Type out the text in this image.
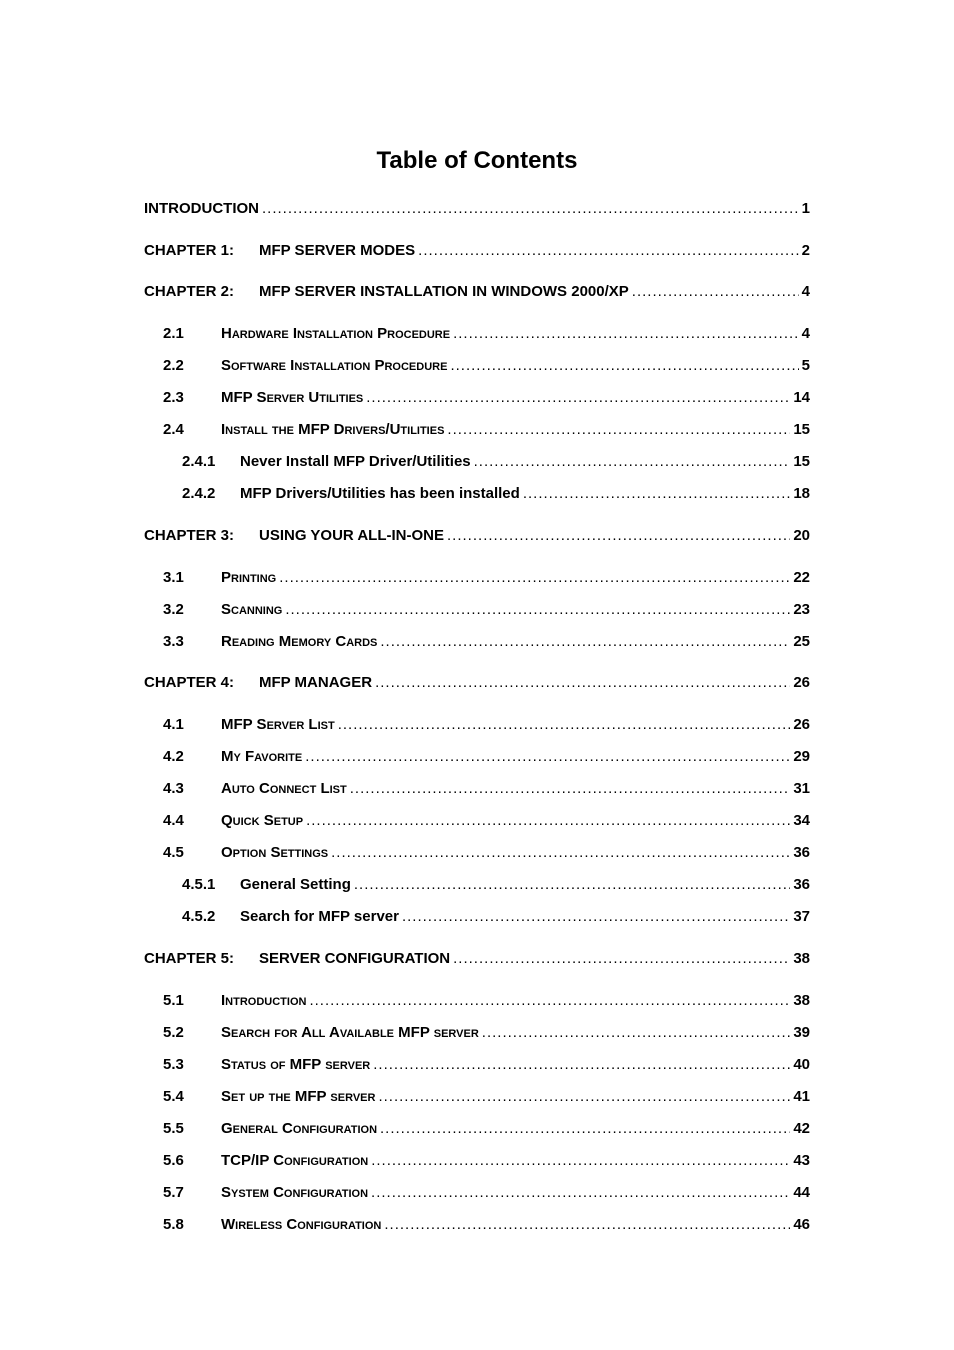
Table of Contents
INTRODUCTION .....	1
CHAPTER 1:	MFP SERVER MODES .....	2
CHAPTER 2:	MFP SERVER INSTALLATION IN WINDOWS 2000/XP .....	4
2.1	Hardware Installation Procedure .....	4
2.2	Software Installation Procedure .....	5
2.3	MFP Server Utilities .....	14
2.4	Install the MFP Drivers/Utilities .....	15
2.4.1	Never Install MFP Driver/Utilities .....	15
2.4.2	MFP Drivers/Utilities has been installed .....	18
CHAPTER 3:	USING YOUR ALL-IN-ONE .....	20
3.1	Printing .....	22
3.2	Scanning .....	23
3.3	Reading Memory Cards .....	25
CHAPTER 4:	MFP MANAGER .....	26
4.1	MFP Server List .....	26
4.2	My Favorite .....	29
4.3	Auto Connect List .....	31
4.4	Quick Setup .....	34
4.5	Option Settings .....	36
4.5.1	General Setting .....	36
4.5.2	Search for MFP server .....	37
CHAPTER 5:	SERVER CONFIGURATION .....	38
5.1	Introduction .....	38
5.2	Search for All Available MFP server .....	39
5.3	Status of MFP server .....	40
5.4	Set up the MFP server .....	41
5.5	General Configuration .....	42
5.6	TCP/IP Configuration .....	43
5.7	System Configuration .....	44
5.8	Wireless Configuration .....	46
